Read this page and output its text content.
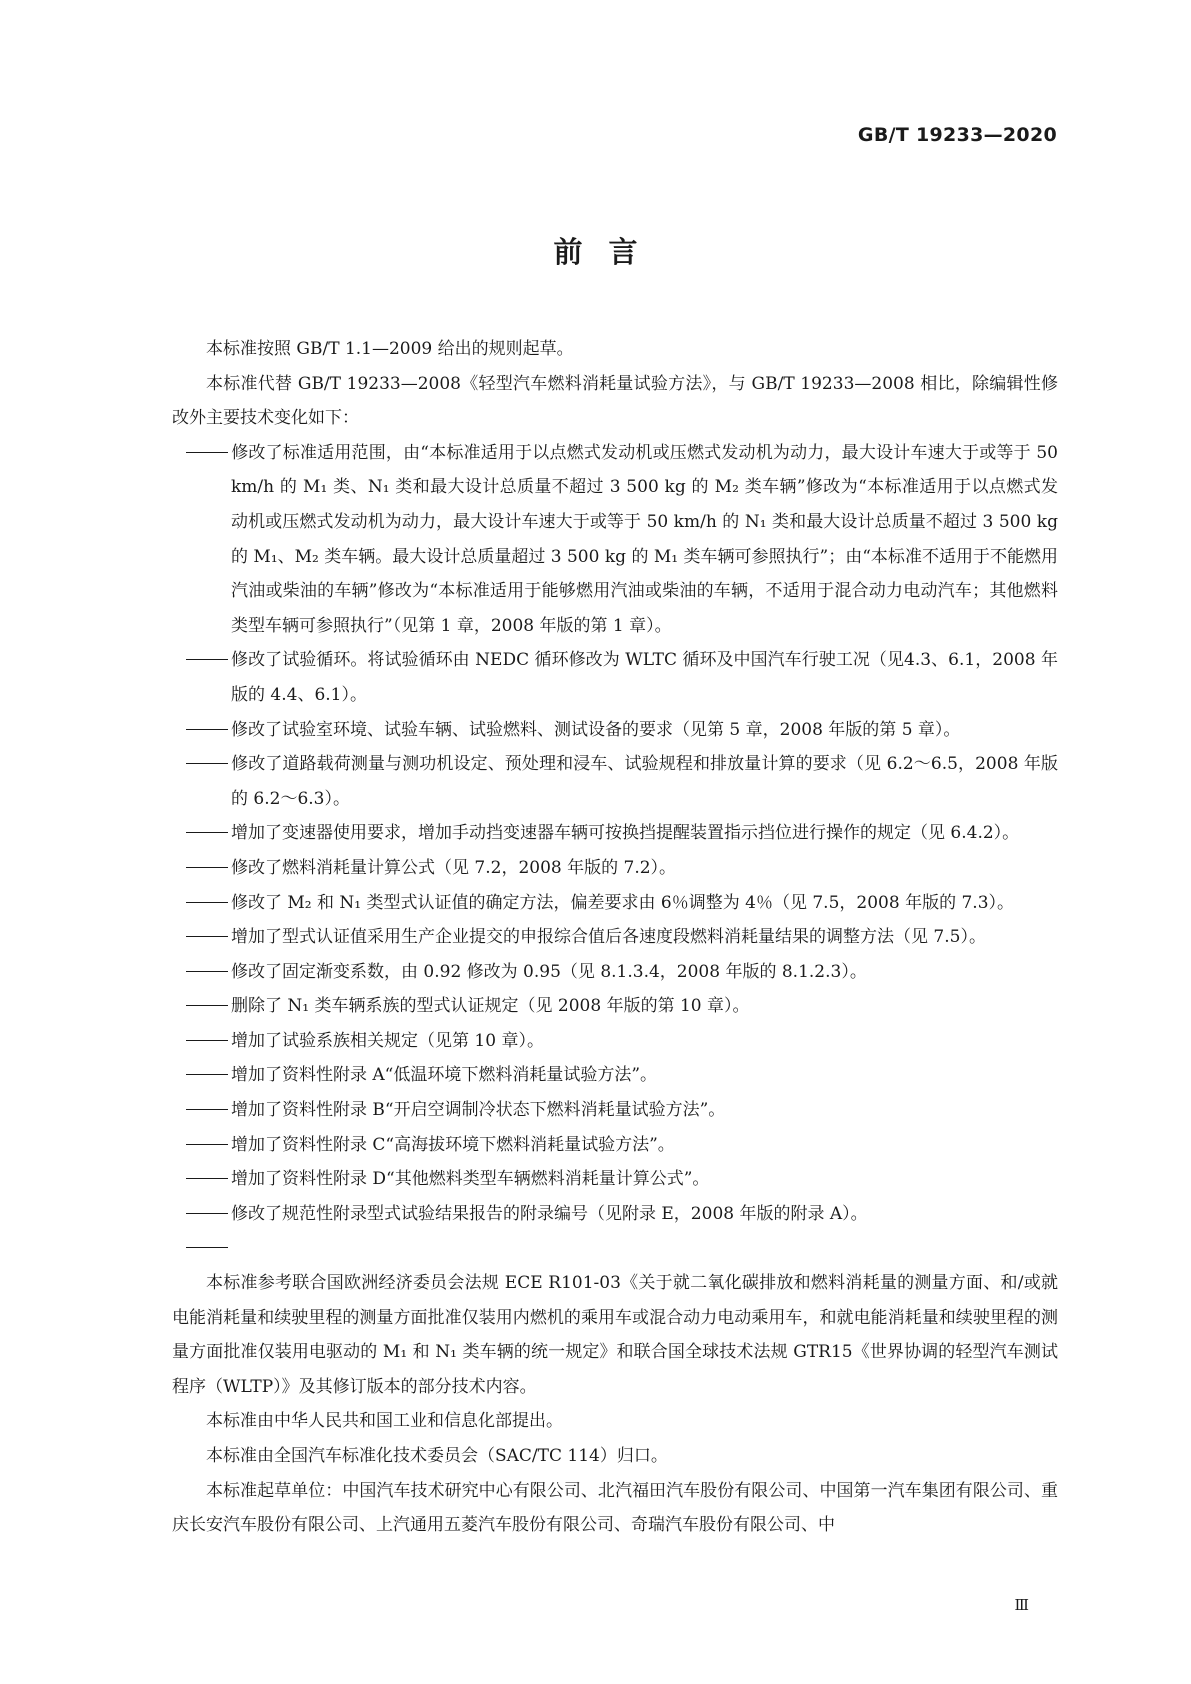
GB/T 19233—2020
前言

本标准按照 GB/T 1.1—2009 给出的规则起草。

本标准代替 GB/T 19233—2008《轻型汽车燃料消耗量试验方法》，与 GB/T 19233—2008 相比，除编辑性修改外主要技术变化如下：

修改了标准适用范围，由“本标准适用于以点燃式发动机或压燃式发动机为动力，最大设计车速大于或等于 50 km/h 的 M₁ 类、N₁ 类和最大设计总质量不超过 3 500 kg 的 M₂ 类车辆”修改为“本标准适用于以点燃式发动机或压燃式发动机为动力，最大设计车速大于或等于 50 km/h 的 N₁ 类和最大设计总质量不超过 3 500 kg 的 M₁、M₂ 类车辆。最大设计总质量超过 3 500 kg 的 M₁ 类车辆可参照执行”；由“本标准不适用于不能燃用汽油或柴油的车辆”修改为“本标准适用于能够燃用汽油或柴油的车辆，不适用于混合动力电动汽车；其他燃料类型车辆可参照执行”（见第 1 章，2008 年版的第 1 章）。

修改了试验循环。将试验循环由 NEDC 循环修改为 WLTC 循环及中国汽车行驶工况（见4.3、6.1，2008 年版的 4.4、6.1）。

修改了试验室环境、试验车辆、试验燃料、测试设备的要求（见第 5 章，2008 年版的第 5 章）。

修改了道路载荷测量与测功机设定、预处理和浸车、试验规程和排放量计算的要求（见 6.2～6.5，2008 年版的 6.2～6.3）。

增加了变速器使用要求，增加手动挡变速器车辆可按换挡提醒装置指示挡位进行操作的规定（见 6.4.2）。

修改了燃料消耗量计算公式（见 7.2，2008 年版的 7.2）。

修改了 M₂ 和 N₁ 类型式认证值的确定方法，偏差要求由 6％调整为 4％（见 7.5，2008 年版的 7.3）。

增加了型式认证值采用生产企业提交的申报综合值后各速度段燃料消耗量结果的调整方法（见 7.5）。

修改了固定渐变系数，由 0.92 修改为 0.95（见 8.1.3.4，2008 年版的 8.1.2.3）。

删除了 N₁ 类车辆系族的型式认证规定（见 2008 年版的第 10 章）。

增加了试验系族相关规定（见第 10 章）。

增加了资料性附录 A“低温环境下燃料消耗量试验方法”。

增加了资料性附录 B“开启空调制冷状态下燃料消耗量试验方法”。

增加了资料性附录 C“高海拔环境下燃料消耗量试验方法”。

增加了资料性附录 D“其他燃料类型车辆燃料消耗量计算公式”。

修改了规范性附录型式试验结果报告的附录编号（见附录 E，2008 年版的附录 A）。

本标准参考联合国欧洲经济委员会法规 ECE R101-03《关于就二氧化碳排放和燃料消耗量的测量方面、和/或就电能消耗量和续驶里程的测量方面批准仅装用内燃机的乘用车或混合动力电动乘用车，和就电能消耗量和续驶里程的测量方面批准仅装用电驱动的 M₁ 和 N₁ 类车辆的统一规定》和联合国全球技术法规 GTR15《世界协调的轻型汽车测试程序（WLTP）》及其修订版本的部分技术内容。

本标准由中华人民共和国工业和信息化部提出。

本标准由全国汽车标准化技术委员会（SAC/TC 114）归口。

本标准起草单位：中国汽车技术研究中心有限公司、北汽福田汽车股份有限公司、中国第一汽车集团有限公司、重庆长安汽车股份有限公司、上汽通用五菱汽车股份有限公司、奇瑞汽车股份有限公司、中

Ⅲ
